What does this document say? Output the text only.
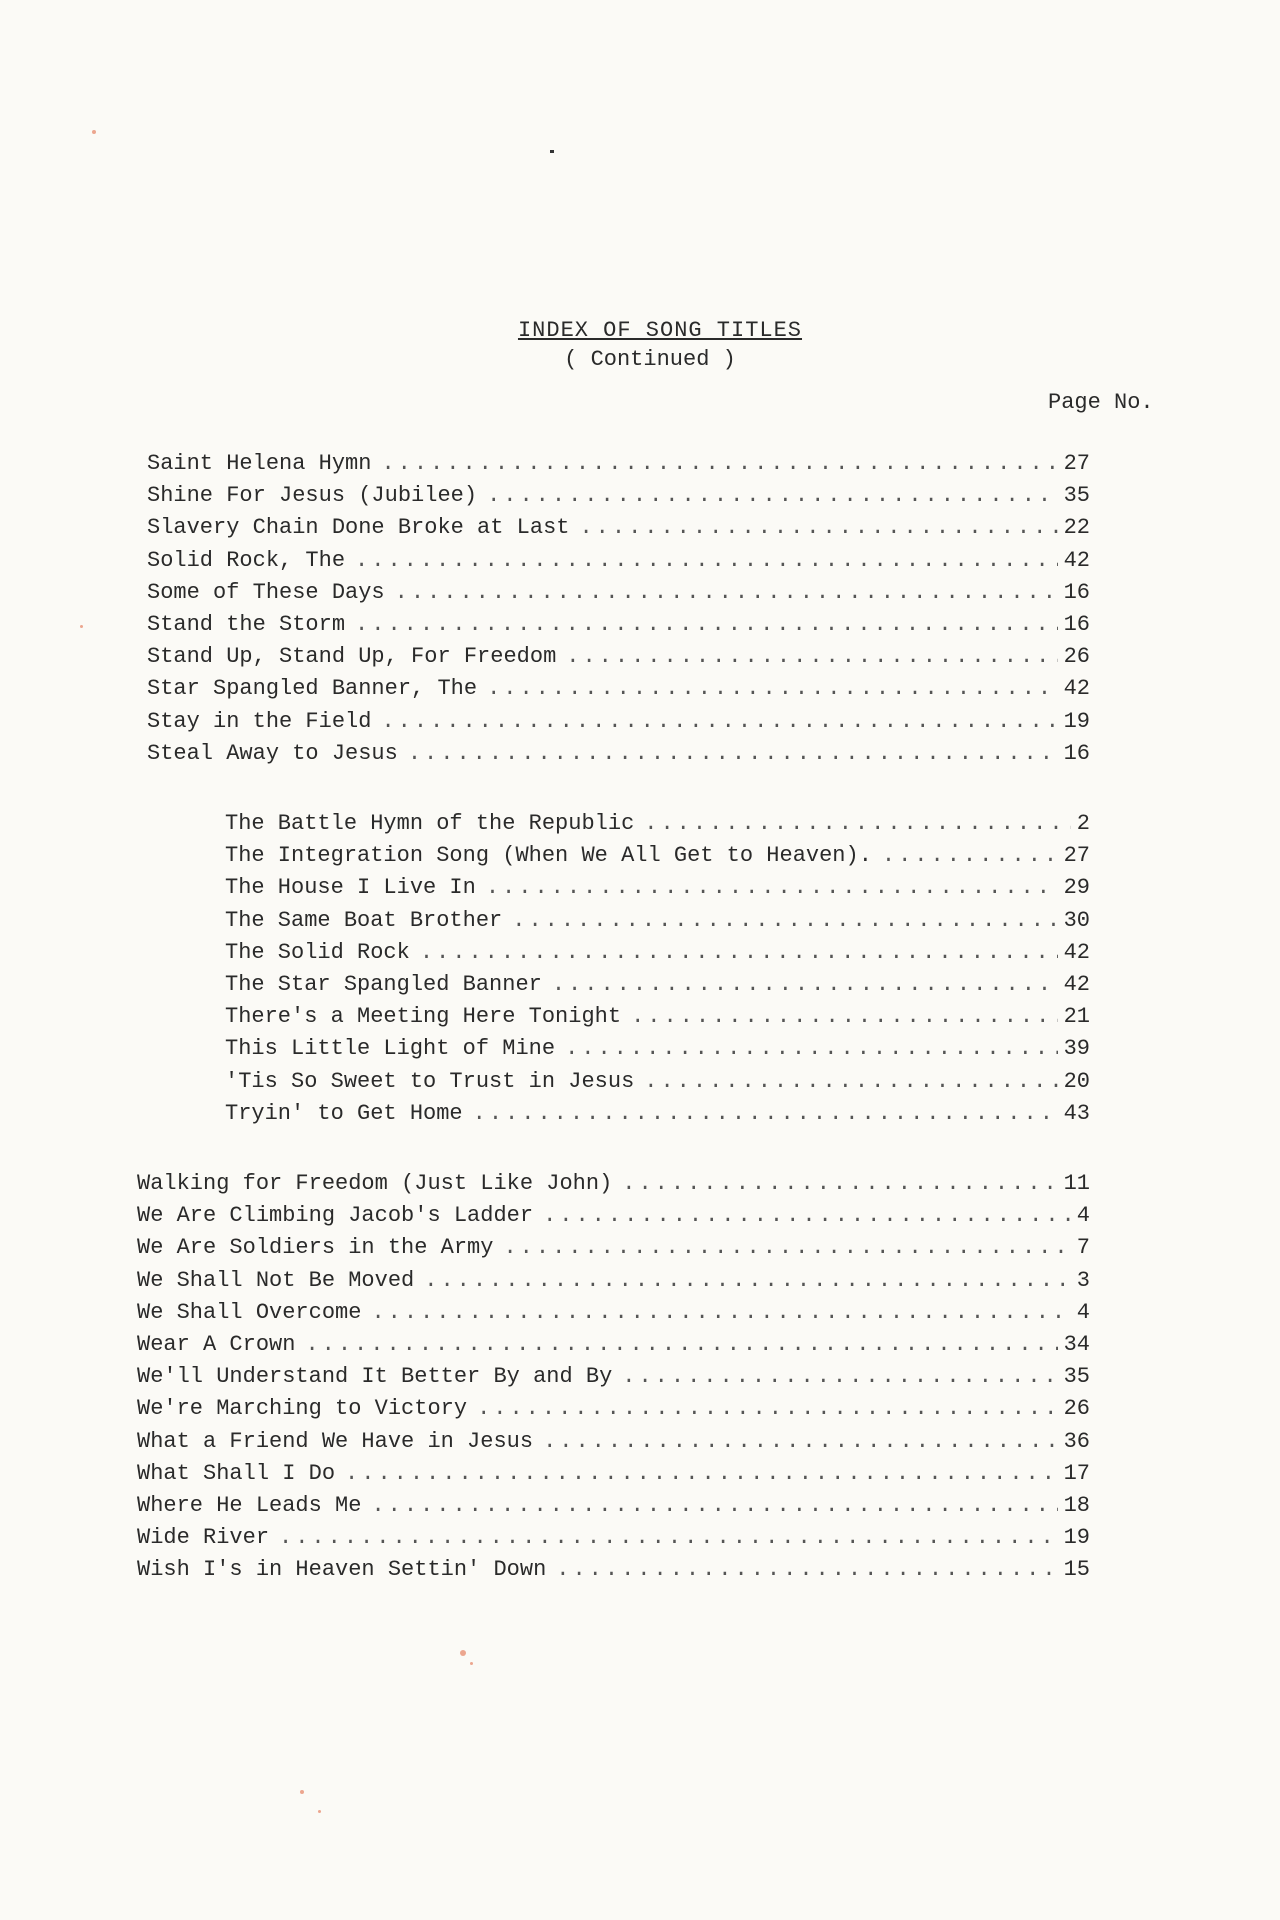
INDEX OF SONG TITLES
( Continued )
Page No.
Saint Helena Hymn .....	27
Shine For Jesus (Jubilee) .....	35
Slavery Chain Done Broke at Last .....	22
Solid Rock, The .....	42
Some of These Days .....	16
Stand the Storm .....	16
Stand Up, Stand Up, For Freedom .....	26
Star Spangled Banner, The .....	42
Stay in the Field .....	19
Steal Away to Jesus .....	16
The Battle Hymn of the Republic .....	2
The Integration Song (When We All Get to Heaven). .....	27
The House I Live In .....	29
The Same Boat Brother .....	30
The Solid Rock .....	42
The Star Spangled Banner .....	42
There's a Meeting Here Tonight .....	21
This Little Light of Mine .....	39
'Tis So Sweet to Trust in Jesus .....	20
Tryin' to Get Home .....	43
Walking for Freedom (Just Like John) .....	11
We Are Climbing Jacob's Ladder .....	4
We Are Soldiers in the Army .....	7
We Shall Not Be Moved .....	3
We Shall Overcome .....	4
Wear A Crown .....	34
We'll Understand It Better By and By .....	35
We're Marching to Victory .....	26
What a Friend We Have in Jesus .....	36
What Shall I Do .....	17
Where He Leads Me .....	18
Wide River .....	19
Wish I's in Heaven Settin' Down .....	15
